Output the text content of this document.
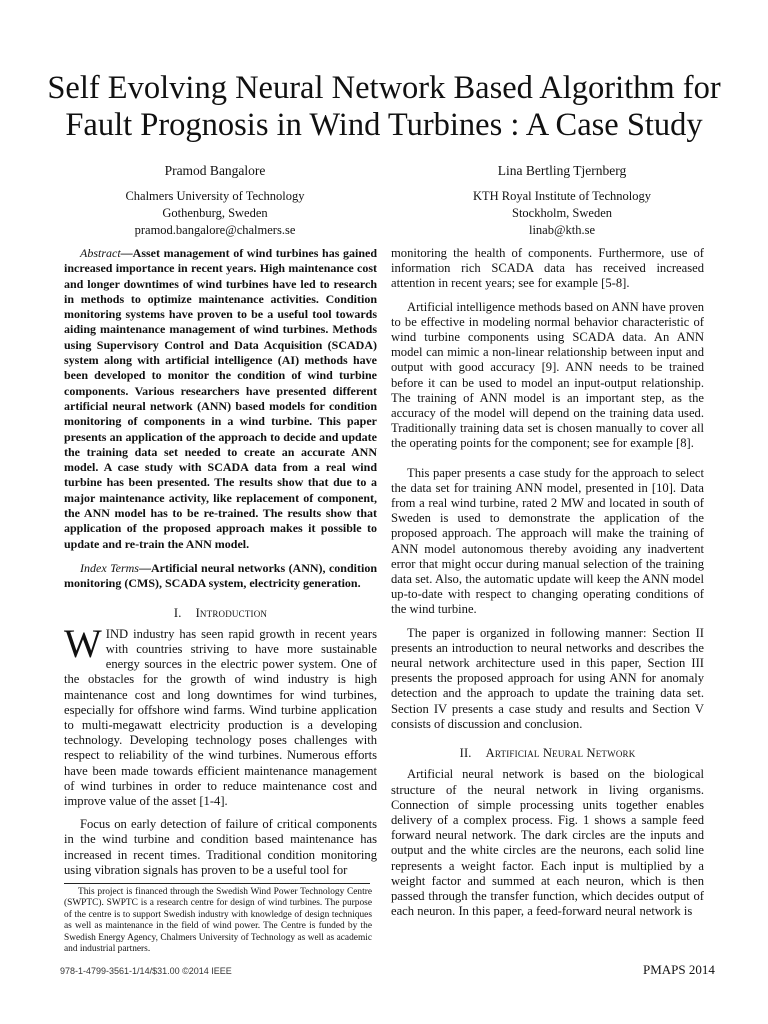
Self Evolving Neural Network Based Algorithm for Fault Prognosis in Wind Turbines : A Case Study
Pramod Bangalore
Chalmers University of Technology
Gothenburg, Sweden
pramod.bangalore@chalmers.se
Lina Bertling Tjernberg
KTH Royal Institute of Technology
Stockholm, Sweden
linab@kth.se

Abstract—Asset management of wind turbines has gained increased importance in recent years. High maintenance cost and longer downtimes of wind turbines have led to research in methods to optimize maintenance activities. Condition monitoring systems have proven to be a useful tool towards aiding maintenance management of wind turbines. Methods using Supervisory Control and Data Acquisition (SCADA) system along with artificial intelligence (AI) methods have been developed to monitor the condition of wind turbine components. Various researchers have presented different artificial neural network (ANN) based models for condition monitoring of components in a wind turbine. This paper presents an application of the approach to decide and update the training data set needed to create an accurate ANN model. A case study with SCADA data from a real wind turbine has been presented. The results show that due to a major maintenance activity, like replacement of component, the ANN model has to be re-trained. The results show that application of the proposed approach makes it possible to update and re-train the ANN model.

Index Terms—Artificial neural networks (ANN), condition monitoring (CMS), SCADA system, electricity generation.

I. Introduction

WIND industry has seen rapid growth in recent years with countries striving to have more sustainable energy sources in the electric power system. One of the obstacles for the growth of wind industry is high maintenance cost and long downtimes for wind turbines, especially for offshore wind farms. Wind turbine application to multi-megawatt electricity production is a developing technology. Developing technology poses challenges with respect to reliability of the wind turbines. Numerous efforts have been made towards efficient maintenance management of wind turbines in order to reduce maintenance cost and improve value of the asset [1-4].

Focus on early detection of failure of critical components in the wind turbine and condition based maintenance has increased in recent times. Traditional condition monitoring using vibration signals has proven to be a useful tool for

monitoring the health of components. Furthermore, use of information rich SCADA data has received increased attention in recent years; see for example [5-8].

Artificial intelligence methods based on ANN have proven to be effective in modeling normal behavior characteristic of wind turbine components using SCADA data. An ANN model can mimic a non-linear relationship between input and output with good accuracy [9]. ANN needs to be trained before it can be used to model an input-output relationship. The training of ANN model is an important step, as the accuracy of the model will depend on the training data used. Traditionally training data set is chosen manually to cover all the operating points for the component; see for example [8].

This paper presents a case study for the approach to select the data set for training ANN model, presented in [10]. Data from a real wind turbine, rated 2 MW and located in south of Sweden is used to demonstrate the application of the proposed approach. The approach will make the training of ANN model autonomous thereby avoiding any inadvertent error that might occur during manual selection of the training data set. Also, the automatic update will keep the ANN model up-to-date with respect to changing operating conditions of the wind turbine.

The paper is organized in following manner: Section II presents an introduction to neural networks and describes the neural network architecture used in this paper, Section III presents the proposed approach for using ANN for anomaly detection and the approach to update the training data set. Section IV presents a case study and results and Section V consists of discussion and conclusion.

II. Artificial Neural Network

Artificial neural network is based on the biological structure of the neural network in living organisms. Connection of simple processing units together enables delivery of a complex process. Fig. 1 shows a sample feed forward neural network. The dark circles are the inputs and output and the white circles are the neurons, each solid line represents a weight factor. Each input is multiplied by a weight factor and summed at each neuron, which is then passed through the transfer function, which decides output of each neuron. In this paper, a feed-forward neural network is

This project is financed through the Swedish Wind Power Technology Centre (SWPTC). SWPTC is a research centre for design of wind turbines. The purpose of the centre is to support Swedish industry with knowledge of design techniques as well as maintenance in the field of wind power. The Centre is funded by the Swedish Energy Agency, Chalmers University of Technology as well as academic and industrial partners.

978-1-4799-3561-1/14/$31.00 ©2014 IEEE	PMAPS 2014
